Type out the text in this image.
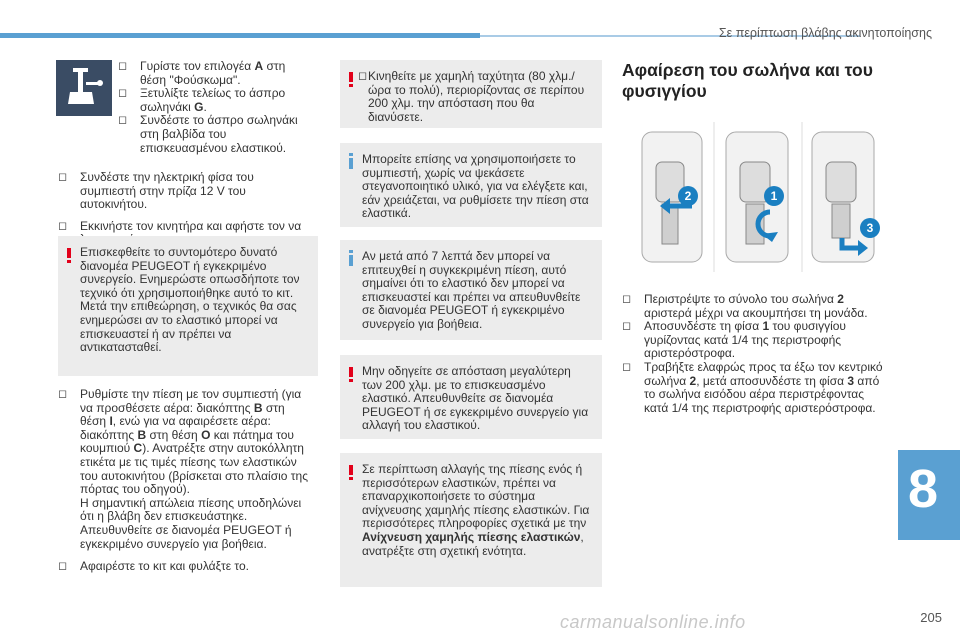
Σε περίπτωση βλάβης ακινητοποίησης
◻ Γυρίστε τον επιλογέα A στη θέση "Φούσκωμα".
◻ Ξετυλίξτε τελείως το άσπρο σωληνάκι G.
◻ Συνδέστε το άσπρο σωληνάκι στη βαλβίδα του επισκευασμένου ελαστικού.
◻ Συνδέστε την ηλεκτρική φίσα του συμπιεστή στην πρίζα 12 V του αυτοκινήτου.
◻ Εκκινήστε τον κινητήρα και αφήστε τον να
Επισκεφθείτε το συντομότερο δυνατό διανομέα PEUGEOT ή εγκεκριμένο συνεργείο. Ενημερώστε οπωσδήποτε τον τεχνικό ότι χρησιμοποιήθηκε αυτό το κιτ. Μετά την επιθεώρηση, ο τεχνικός θα σας ενημερώσει αν το ελαστικό μπορεί να επισκευαστεί ή αν πρέπει να αντικατασταθεί.
◻ Ρυθμίστε την πίεση με τον συμπιεστή (για να προσθέσετε αέρα: διακόπτης B στη θέση I, ενώ για να αφαιρέσετε αέρα: διακόπτης B στη θέση O και πάτημα του κουμπιού C). Ανατρέξτε στην αυτοκόλλητη ετικέτα με τις τιμές πίεσης των ελαστικών του αυτοκινήτου (βρίσκεται στο πλαίσιο της πόρτας του οδηγού).
Η σημαντική απώλεια πίεσης υποδηλώνει ότι η βλάβη δεν επισκευάστηκε. Απευθυνθείτε σε διανομέα PEUGEOT ή εγκεκριμένο συνεργείο για βοήθεια.
◻ Αφαιρέστε το κιτ και φυλάξτε το.
◻ Κινηθείτε με χαμηλή ταχύτητα (80 χλμ./ώρα το πολύ), περιορίζοντας σε περίπου 200 χλμ. την απόσταση που θα διανύσετε.
Μπορείτε επίσης να χρησιμοποιήσετε το συμπιεστή, χωρίς να ψεκάσετε στεγανοποιητικό υλικό, για να ελέγξετε και, εάν χρειάζεται, να ρυθμίσετε την πίεση στα ελαστικά.
Αν μετά από 7 λεπτά δεν μπορεί να επιτευχθεί η συγκεκριμένη πίεση, αυτό σημαίνει ότι το ελαστικό δεν μπορεί να επισκευαστεί και πρέπει να απευθυνθείτε σε διανομέα PEUGEOT ή εγκεκριμένο συνεργείο για βοήθεια.
Μην οδηγείτε σε απόσταση μεγαλύτερη των 200 χλμ. με το επισκευασμένο ελαστικό. Απευθυνθείτε σε διανομέα PEUGEOT ή σε εγκεκριμένο συνεργείο για αλλαγή του ελαστικού.
Σε περίπτωση αλλαγής της πίεσης ενός ή περισσότερων ελαστικών, πρέπει να επαναρχικοποιήσετε το σύστημα ανίχνευσης χαμηλής πίεσης ελαστικών. Για περισσότερες πληροφορίες σχετικά με την Ανίχνευση χαμηλής πίεσης ελαστικών, ανατρέξτε στη σχετική ενότητα.
Αφαίρεση του σωλήνα και του φυσιγγίου
2	1
3
◻ Περιστρέψτε το σύνολο του σωλήνα 2 αριστερά μέχρι να ακουμπήσει τη μονάδα.
◻ Αποσυνδέστε τη φίσα 1 του φυσιγγίου γυρίζοντας κατά 1/4 της περιστροφής αριστερόστροφα.
◻ Τραβήξτε ελαφρώς προς τα έξω τον κεντρικό σωλήνα 2, μετά αποσυνδέστε τη φίσα 3 από το σωλήνα εισόδου αέρα περιστρέφοντας κατά 1/4 της περιστροφής αριστερόστροφα.
8
carmanualsonline.info	205
